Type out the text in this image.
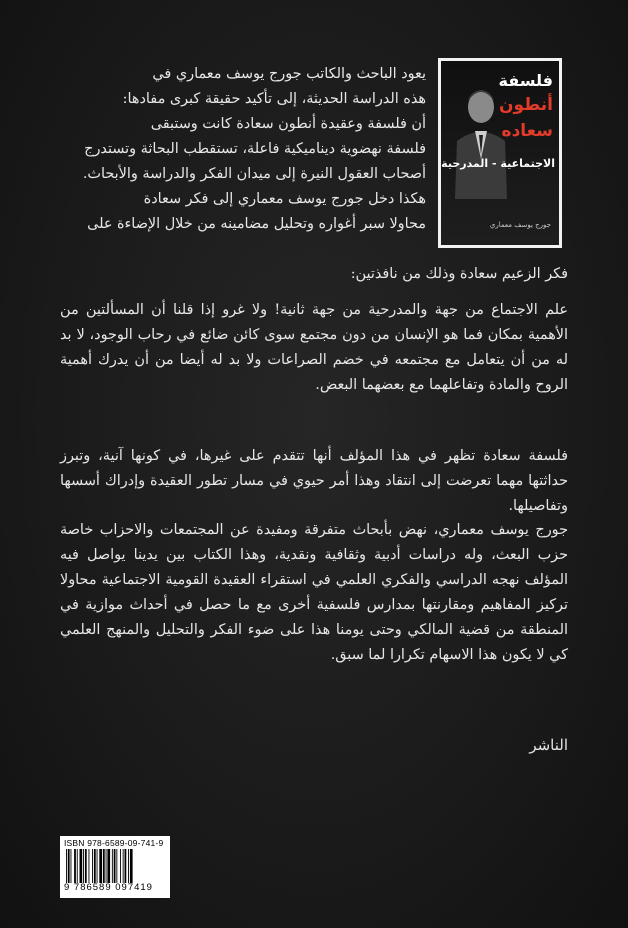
فلسفة
أنطون
سعاده
الاجتماعية - المدرحية
جورج يوسف معماري

يعود الباحث والكاتب جورج يوسف معماري في

هذه الدراسة الحديثة، إلى تأكيد حقيقة كبرى مفادها:

أن فلسفة وعقيدة أنطون سعادة كانت وستبقى

فلسفة نهضوية ديناميكية فاعلة، تستقطب البحاثة وتستدرج

أصحاب العقول النيرة إلى ميدان الفكر والدراسة والأبحاث.

هكذا دخل جورج يوسف معماري إلى فكر سعادة

محاولا سبر أغواره وتحليل مضامينه من خلال الإضاءة على

فكر الزعيم سعادة وذلك من نافذتين:

علم الاجتماع من جهة والمدرحية من جهة ثانية! ولا غرو إذا قلنا أن المسألتين من الأهمية بمكان فما هو الإنسان من دون مجتمع سوى كائن ضائع في رحاب الوجود، لا بد له من أن يتعامل مع مجتمعه في خضم الصراعات ولا بد له أيضا من أن يدرك أهمية الروح والمادة وتفاعلهما مع بعضهما البعض.

فلسفة سعادة تظهر في هذا المؤلف أنها تتقدم على غيرها، في كونها آنية، وتبرز حداثتها مهما تعرضت إلى انتقاد وهذا أمر حيوي في مسار تطور العقيدة وإدراك أسسها وتفاصيلها.

جورج يوسف معماري، نهض بأبحاث متفرقة ومفيدة عن المجتمعات والاحزاب خاصة حزب البعث، وله دراسات أدبية وثقافية ونقدية، وهذا الكتاب بين يدينا يواصل فيه المؤلف نهجه الدراسي والفكري العلمي في استقراء العقيدة القومية الاجتماعية محاولا تركيز المفاهيم ومقارنتها بمدارس فلسفية أخرى مع ما حصل في أحداث موازية في المنطقة من قضية المالكي وحتى يومنا هذا على ضوء الفكر والتحليل والمنهج العلمي كي لا يكون هذا الاسهام تكرارا لما سبق.

الناشر
ISBN 978-6589-09-741-9
9 786589 097419
